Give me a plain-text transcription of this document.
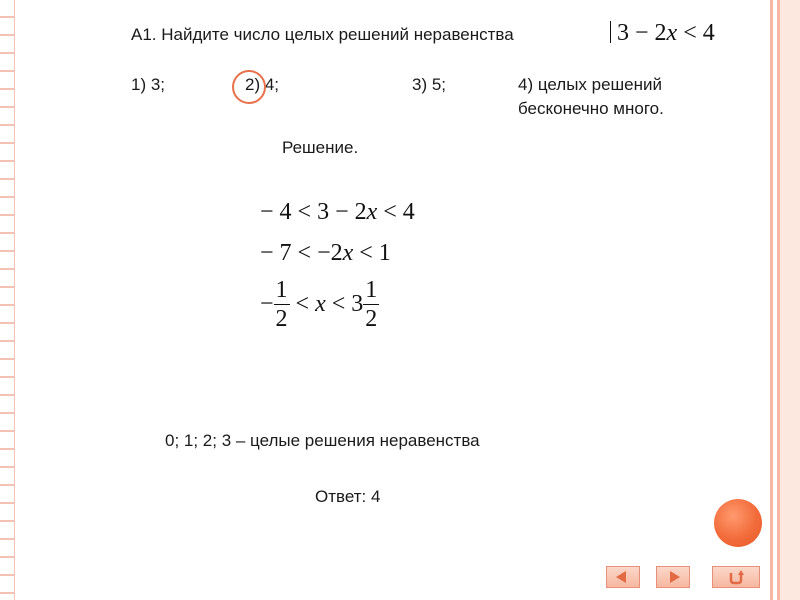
А1. Найдите число целых решений неравенства	3 − 2x < 4
1) 3;	2) 4;	3) 5;	4) целых решений
бесконечно много.
Решение.
− 4 < 3 − 2x < 4
− 7 < −2x < 1
− $\frac{1}{2} < x < 3 \frac{1}{2}$
0; 1; 2; 3 – целые решения неравенства
Ответ: 4
